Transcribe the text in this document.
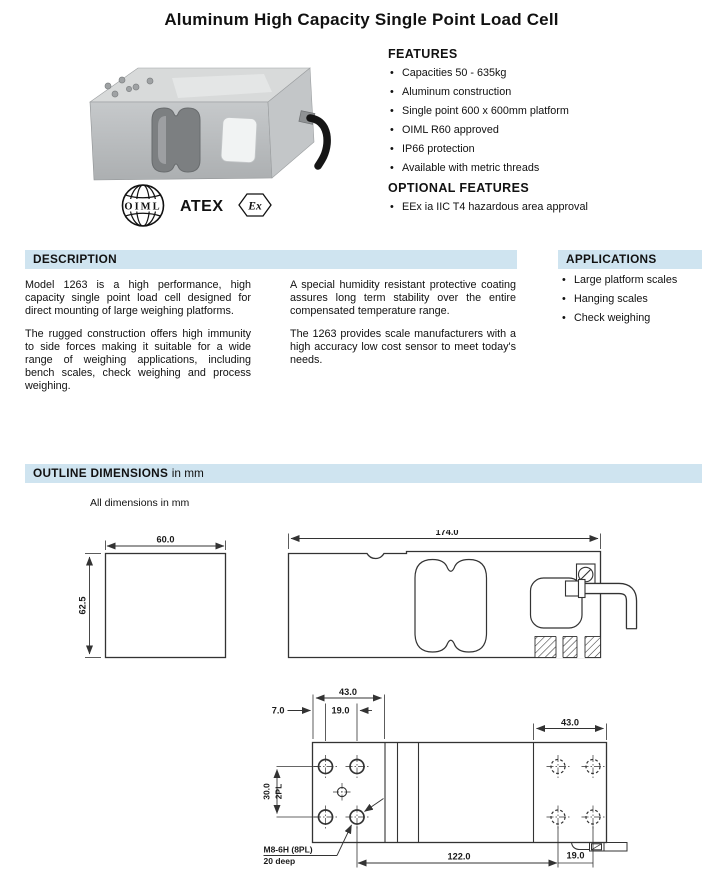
Aluminum High Capacity Single Point Load Cell
OIML ATEX Ex
FEATURES
• Capacities 50 - 635kg
• Aluminum construction
• Single point 600 x 600mm platform
• OIML R60 approved
• IP66 protection
• Available with metric threads
OPTIONAL FEATURES
• EEx ia IIC T4 hazardous area approval
DESCRIPTION	APPLICATIONS

Model 1263 is a high performance, high capacity single point load cell designed for direct mounting of large weighing platforms.

The rugged construction offers high immunity to side forces making it suitable for a wide range of weighing applications, including bench scales, check weighing and process weighing.

A special humidity resistant protective coating assures long term stability over the entire compensated temperature range.

The 1263 provides scale manufacturers with a high accuracy low cost sensor to meet today's needs.

• Large platform scales
• Hanging scales
• Check weighing
OUTLINE DIMENSIONS in mm
All dimensions in mm
60.0
62.5
174.0
43.0
7.0	19.0
30.0 2PL
M8-6H (8PL)
20 deep	122.0	19.0
43.0
